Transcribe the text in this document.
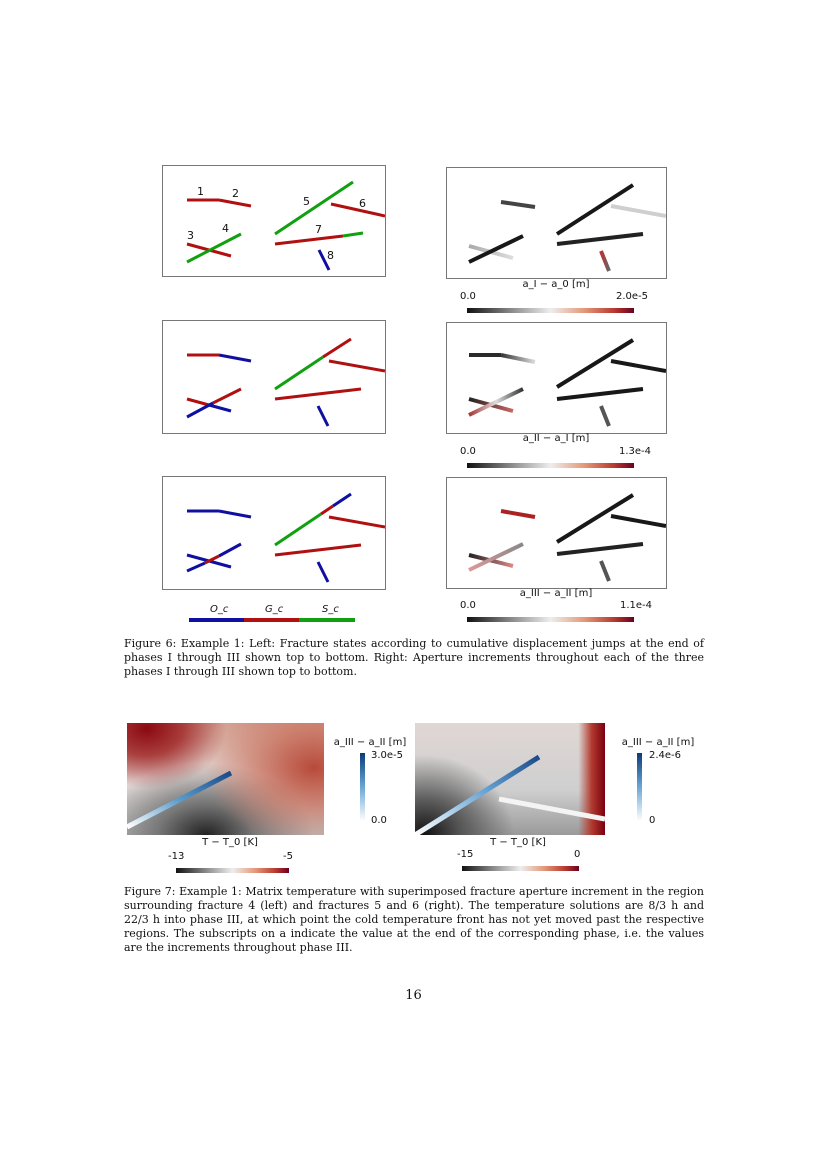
1	2
3
4
5	6
7
8
a_I − a_0 [m]
0.0	2.0e-5
a_II − a_I [m]
0.0	1.3e-4
a_III − a_II [m]
0.0	1.1e-4
O_c	G_c	S_c
Figure 6: Example 1: Left: Fracture states according to cumulative displacement jumps at the end of phases I through III shown top to bottom. Right: Aperture increments throughout each of the three phases I through III shown top to bottom.
a_III − a_II [m]
3.0e-5
0.0
T − T_0 [K]
-13	-5
a_III − a_II [m]
2.4e-6
0
T − T_0 [K]
-15	0
Figure 7: Example 1: Matrix temperature with superimposed fracture aperture increment in the region surrounding fracture 4 (left) and fractures 5 and 6 (right). The temperature solutions are 8/3 h and 22/3 h into phase III, at which point the cold temperature front has not yet moved past the respective regions. The subscripts on a indicate the value at the end of the corresponding phase, i.e. the values are the increments throughout phase III.
16
